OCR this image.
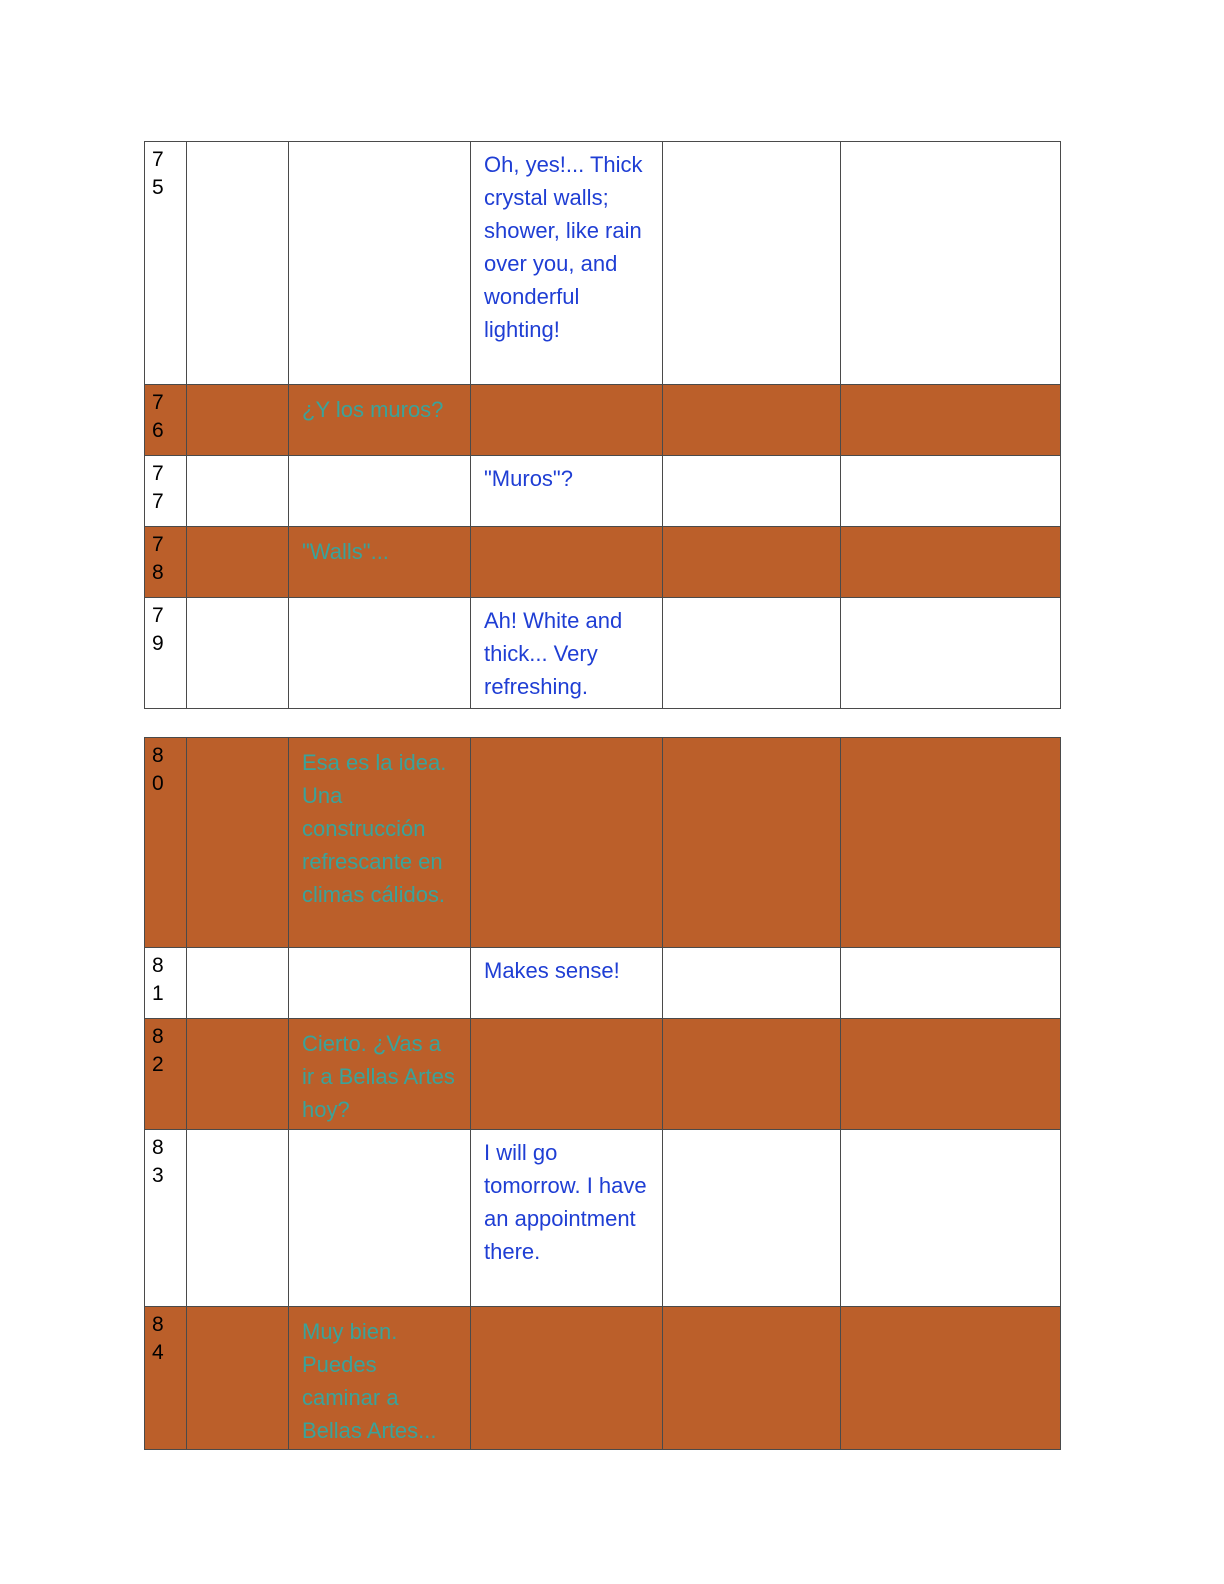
7
5			Oh, yes!... Thick crystal walls; shower, like rain over you, and wonderful lighting!		

7
6		¿Y los muros?			

7
7			"Muros"?		

7
8		"Walls"...			

7
9			Ah! White and thick... Very refreshing.		

8
0		Esa es la idea. Una construcción refrescante en climas cálidos.			

8
1			Makes sense!		

8
2		Cierto. ¿Vas a ir a Bellas Artes hoy?			

8
3			I will go tomorrow. I have an appointment there.		

8
4		Muy bien. Puedes caminar a Bellas Artes...			
